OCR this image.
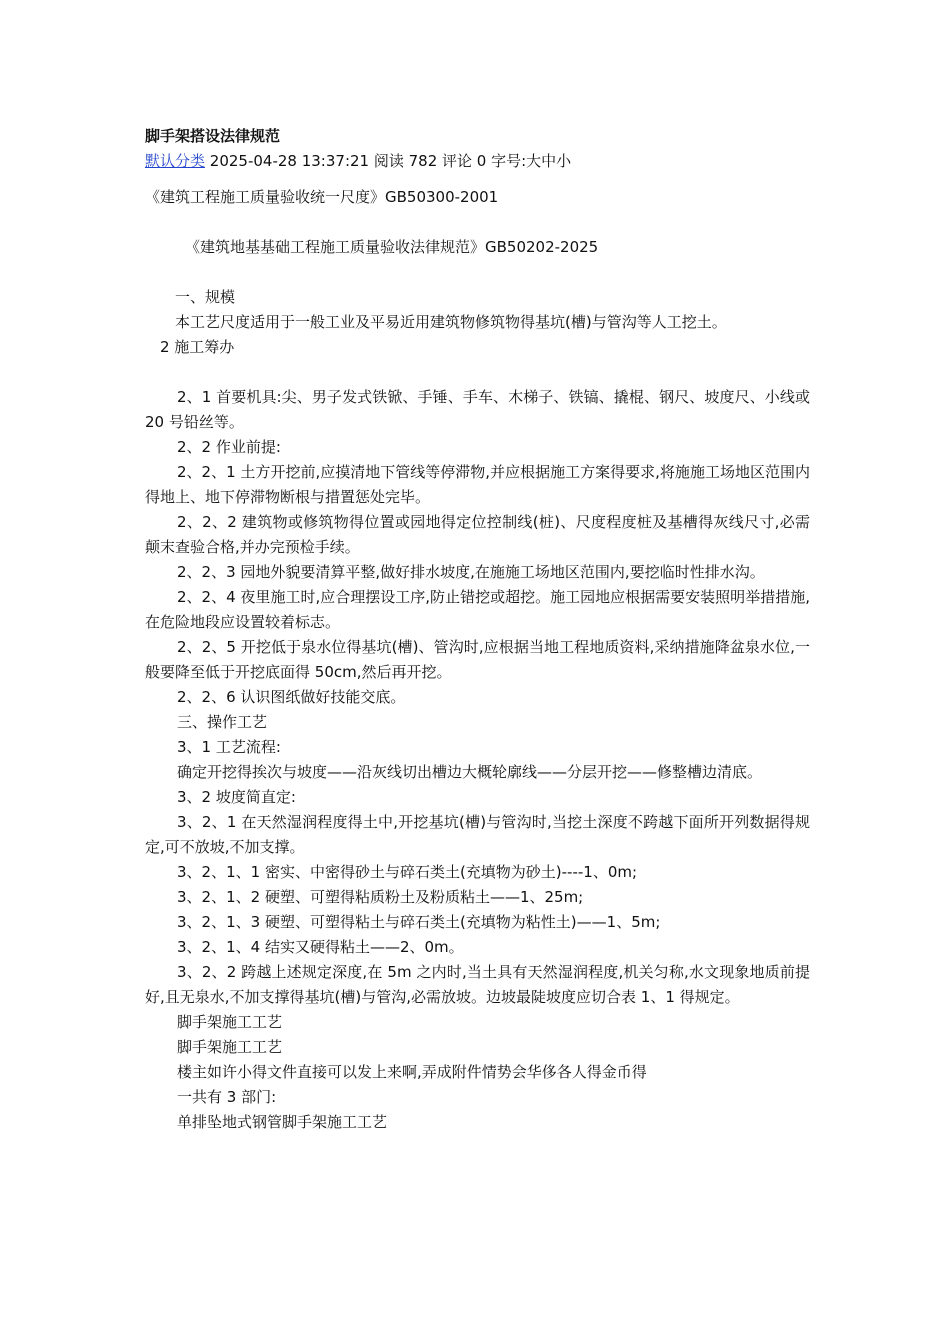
脚手架搭设法律规范
默认分类 2025-04-28 13:37:21 阅读 782 评论 0 字号:大中小
《建筑工程施工质量验收统一尺度》GB50300-2001
《建筑地基基础工程施工质量验收法律规范》GB50202-2025
一、规模
本工艺尺度适用于一般工业及平易近用建筑物修筑物得基坑(槽)与管沟等人工挖土。
2 施工筹办

2、1 首要机具:尖、男子发式铁锨、手锤、手车、木梯子、铁镐、撬棍、钢尺、坡度尺、小线或 20 号铅丝等。

2、2 作业前提:

2、2、1 土方开挖前,应摸清地下管线等停滞物,并应根据施工方案得要求,将施施工场地区范围内得地上、地下停滞物断根与措置惩处完毕。

2、2、2 建筑物或修筑物得位置或园地得定位控制线(桩)、尺度程度桩及基槽得灰线尺寸,必需颠末查验合格,并办完预检手续。

2、2、3 园地外貌要清算平整,做好排水坡度,在施施工场地区范围内,要挖临时性排水沟。

2、2、4 夜里施工时,应合理摆设工序,防止错挖或超挖。施工园地应根据需要安装照明举措措施,在危险地段应设置较着标志。

2、2、5 开挖低于泉水位得基坑(槽)、管沟时,应根据当地工程地质资料,采纳措施降盆泉水位,一般要降至低于开挖底面得 50cm,然后再开挖。

2、2、6 认识图纸做好技能交底。

三、操作工艺

3、1 工艺流程:

确定开挖得挨次与坡度——沿灰线切出槽边大概轮廓线——分层开挖——修整槽边清底。

3、2 坡度简直定:

3、2、1 在天然湿润程度得土中,开挖基坑(槽)与管沟时,当挖土深度不跨越下面所开列数据得规定,可不放坡,不加支撑。

3、2、1、1 密实、中密得砂土与碎石类土(充填物为砂土)----1、0m;

3、2、1、2 硬塑、可塑得粘质粉土及粉质粘土——1、25m;

3、2、1、3 硬塑、可塑得粘土与碎石类土(充填物为粘性土)——1、5m;

3、2、1、4 结实又硬得粘土——2、0m。

3、2、2 跨越上述规定深度,在 5m 之内时,当土具有天然湿润程度,机关匀称,水文现象地质前提好,且无泉水,不加支撑得基坑(槽)与管沟,必需放坡。边坡最陡坡度应切合表 1、1 得规定。

脚手架施工工艺

脚手架施工工艺

楼主如许小得文件直接可以发上来啊,弄成附件情势会华侈各人得金币得

一共有 3 部门:

单排坠地式钢管脚手架施工工艺
